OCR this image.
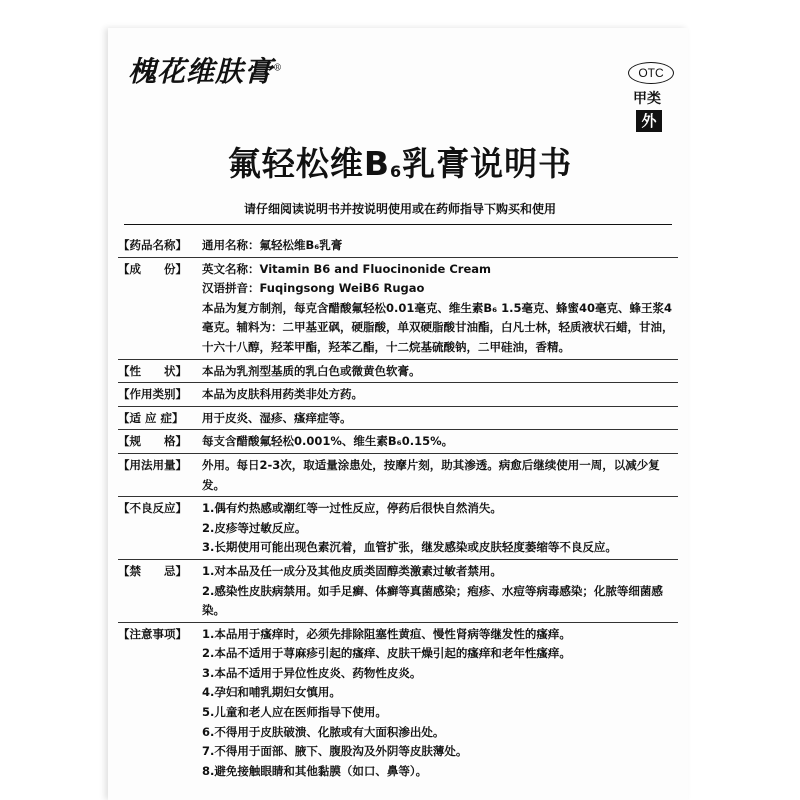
槐花维肤膏®	OTC
甲类
外
氟轻松维$B_6$乳膏说明书
请仔细阅读说明书并按说明使用或在药师指导下购买和使用
【药品名称】	通用名称：氟轻松维B₆乳膏
【成　　份】	英文名称：Vitamin B6 and Fluocinonide Cream
汉语拼音：Fuqingsong WeiB6 Rugao
本品为复方制剂，每克含醋酸氟轻松0.01毫克、维生素B₆ 1.5毫克、蜂蜜40毫克、蜂王浆4毫克。辅料为：二甲基亚砜，硬脂酸，单双硬脂酸甘油酯，白凡士林，轻质液状石蜡，甘油，十六十八醇，羟苯甲酯，羟苯乙酯，十二烷基硫酸钠，二甲硅油，香精。
【性　　状】	本品为乳剂型基质的乳白色或微黄色软膏。
【作用类别】	本品为皮肤科用药类非处方药。
【适 应 症】	用于皮炎、湿疹、瘙痒症等。
【规　　格】	每支含醋酸氟轻松0.001%、维生素B₆0.15%。
【用法用量】	外用。每日2-3次，取适量涂患处，按摩片刻，助其渗透。病愈后继续使用一周，以减少复发。
【不良反应】	1.偶有灼热感或潮红等一过性反应，停药后很快自然消失。
2.皮疹等过敏反应。
3.长期使用可能出现色素沉着，血管扩张，继发感染或皮肤轻度萎缩等不良反应。
【禁　　忌】	1.对本品及任一成分及其他皮质类固醇类激素过敏者禁用。
2.感染性皮肤病禁用。如手足癣、体癣等真菌感染；疱疹、水痘等病毒感染；化脓等细菌感染。
【注意事项】	1.本品用于瘙痒时，必须先排除阻塞性黄疸、慢性肾病等继发性的瘙痒。
2.本品不适用于荨麻疹引起的瘙痒、皮肤干燥引起的瘙痒和老年性瘙痒。
3.本品不适用于异位性皮炎、药物性皮炎。
4.孕妇和哺乳期妇女慎用。
5.儿童和老人应在医师指导下使用。
6.不得用于皮肤破溃、化脓或有大面积渗出处。
7.不得用于面部、腋下、腹股沟及外阴等皮肤薄处。
8.避免接触眼睛和其他黏膜（如口、鼻等）。
